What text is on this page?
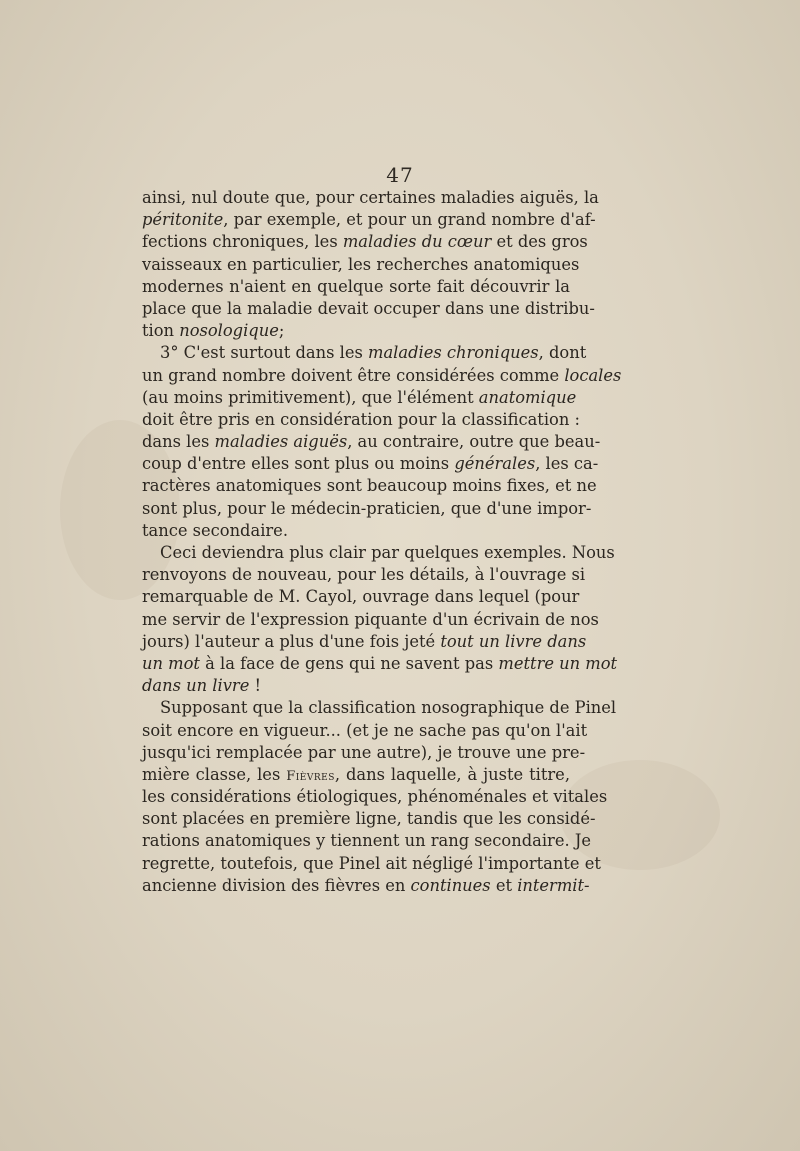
47
ainsi, nul doute que, pour certaines maladies aiguës, la
péritonite, par exemple, et pour un grand nombre d'af-
fections chroniques, les maladies du cœur et des gros
vaisseaux en particulier, les recherches anatomiques
modernes n'aient en quelque sorte fait découvrir la
place que la maladie devait occuper dans une distribu-
tion nosologique;
3° C'est surtout dans les maladies chroniques, dont
un grand nombre doivent être considérées comme locales
(au moins primitivement), que l'élément anatomique
doit être pris en considération pour la classification :
dans les maladies aiguës, au contraire, outre que beau-
coup d'entre elles sont plus ou moins générales, les ca-
ractères anatomiques sont beaucoup moins fixes, et ne
sont plus, pour le médecin-praticien, que d'une impor-
tance secondaire.
Ceci deviendra plus clair par quelques exemples. Nous
renvoyons de nouveau, pour les détails, à l'ouvrage si
remarquable de M. Cayol, ouvrage dans lequel (pour
me servir de l'expression piquante d'un écrivain de nos
jours) l'auteur a plus d'une fois jeté tout un livre dans
un mot à la face de gens qui ne savent pas mettre un mot
dans un livre !
Supposant que la classification nosographique de Pinel
soit encore en vigueur... (et je ne sache pas qu'on l'ait
jusqu'ici remplacée par une autre), je trouve une pre-
mière classe, les Fièvres, dans laquelle, à juste titre,
les considérations étiologiques, phénoménales et vitales
sont placées en première ligne, tandis que les considé-
rations anatomiques y tiennent un rang secondaire. Je
regrette, toutefois, que Pinel ait négligé l'importante et
ancienne division des fièvres en continues et intermit-
